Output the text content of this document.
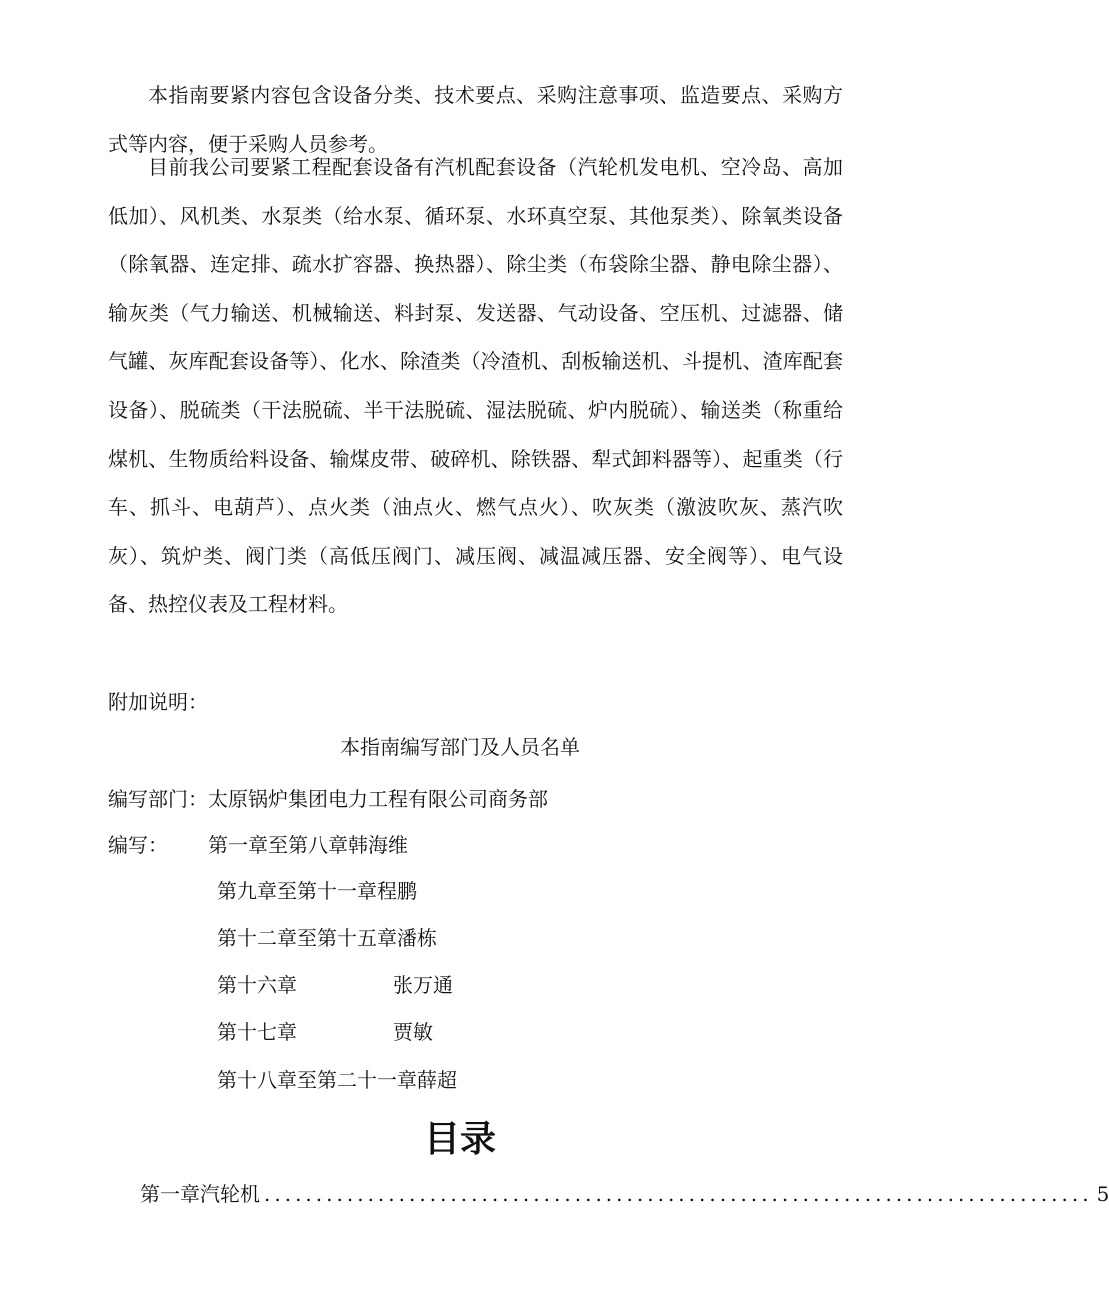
本指南要紧内容包含设备分类、技术要点、采购注意事项、监造要点、采购方式等内容，便于采购人员参考。

目前我公司要紧工程配套设备有汽机配套设备（汽轮机发电机、空冷岛、高加低加）、风机类、水泵类（给水泵、循环泵、水环真空泵、其他泵类）、除氧类设备（除氧器、连定排、疏水扩容器、换热器）、除尘类（布袋除尘器、静电除尘器）、输灰类（气力输送、机械输送、料封泵、发送器、气动设备、空压机、过滤器、储气罐、灰库配套设备等）、化水、除渣类（冷渣机、刮板输送机、斗提机、渣库配套设备）、脱硫类（干法脱硫、半干法脱硫、湿法脱硫、炉内脱硫）、输送类（称重给煤机、生物质给料设备、输煤皮带、破碎机、除铁器、犁式卸料器等）、起重类（行车、抓斗、电葫芦）、点火类（油点火、燃气点火）、吹灰类（激波吹灰、蒸汽吹灰）、筑炉类、阀门类（高低压阀门、减压阀、减温减压器、安全阀等）、电气设备、热控仪表及工程材料。

附加说明：
本指南编写部门及人员名单
编写部门：太原锅炉集团电力工程有限公司商务部
编写： 第一章至第八章韩海维
第九章至第十一章程鹏
第十二章至第十五章潘栋
第十六章	张万通
第十七章	贾敏
第十八章至第二十一章薛超
目录
第一章汽轮机 ................................................................................ 5
